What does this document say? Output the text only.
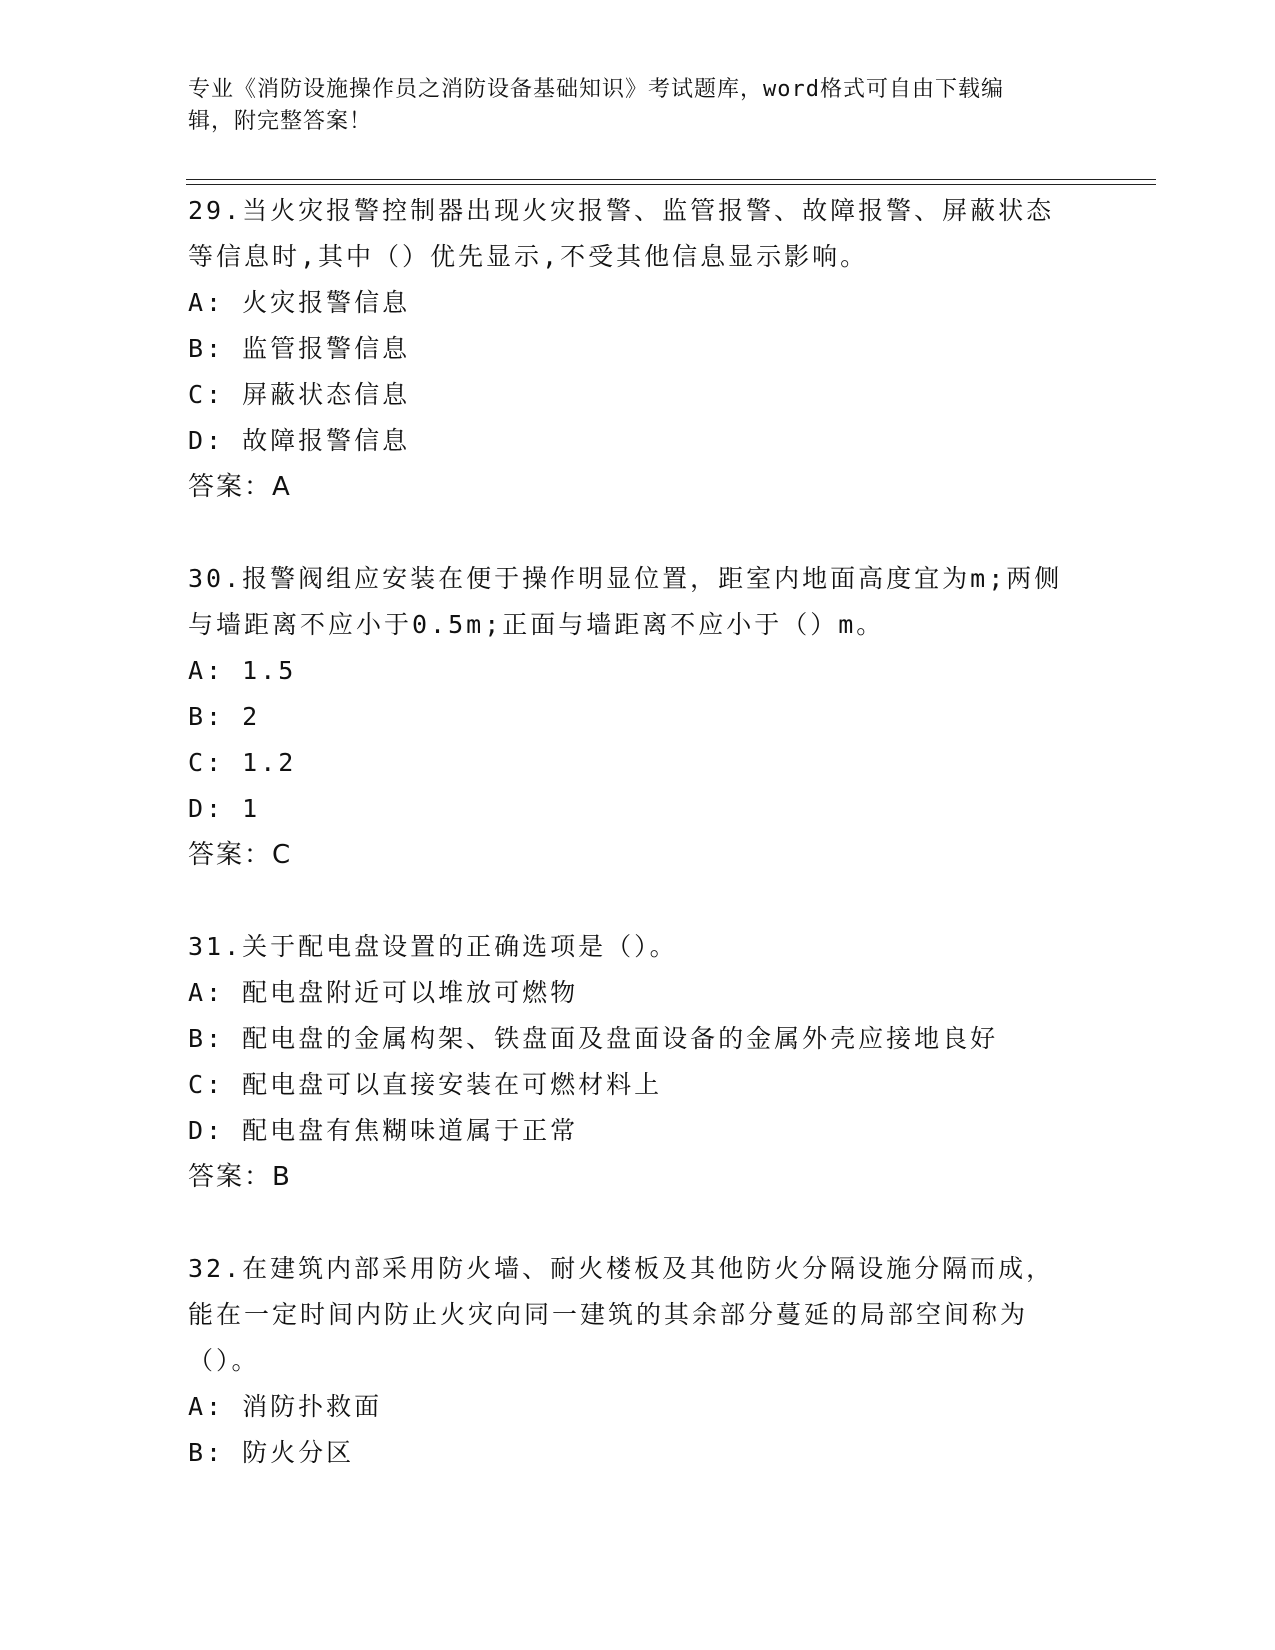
专业《消防设施操作员之消防设备基础知识》考试题库，word格式可自由下载编
辑，附完整答案！
29.当火灾报警控制器出现火灾报警、监管报警、故障报警、屏蔽状态
等信息时,其中（）优先显示,不受其他信息显示影响。
A: 火灾报警信息
B: 监管报警信息
C: 屏蔽状态信息
D: 故障报警信息
答案：A
30.报警阀组应安装在便于操作明显位置，距室内地面高度宜为m;两侧
与墙距离不应小于0.5m;正面与墙距离不应小于（）m。
A: 1.5
B: 2
C: 1.2
D: 1
答案：C
31.关于配电盘设置的正确选项是（）。
A: 配电盘附近可以堆放可燃物
B: 配电盘的金属构架、铁盘面及盘面设备的金属外壳应接地良好
C: 配电盘可以直接安装在可燃材料上
D: 配电盘有焦糊味道属于正常
答案：B
32.在建筑内部采用防火墙、耐火楼板及其他防火分隔设施分隔而成，
能在一定时间内防止火灾向同一建筑的其余部分蔓延的局部空间称为
（）。
A: 消防扑救面
B: 防火分区
